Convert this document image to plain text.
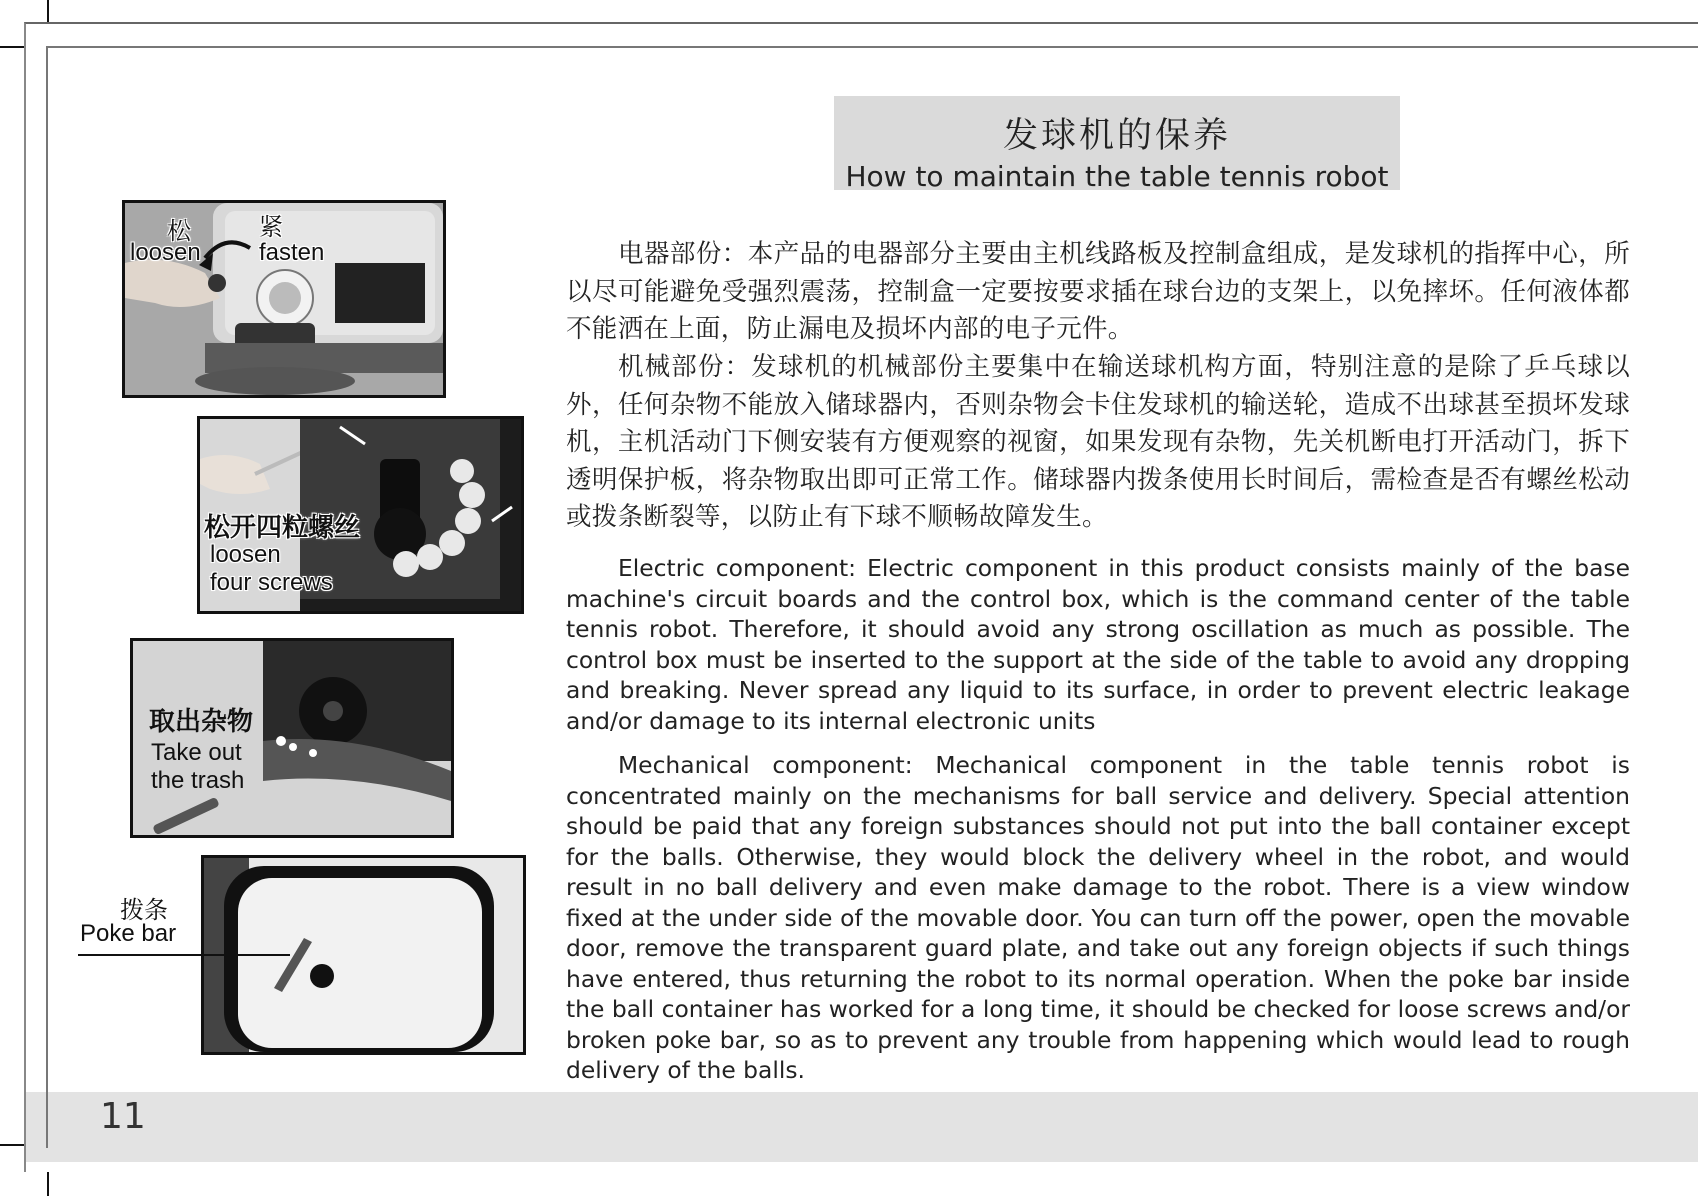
发球机的保养
How to maintain the table tennis robot
电器部份：本产品的电器部分主要由主机线路板及控制盒组成，是发球机的指挥中心，所以尽可能避免受强烈震荡，控制盒一定要按要求插在球台边的支架上，以免摔坏。任何液体都不能洒在上面，防止漏电及损坏内部的电子元件。
机械部份：发球机的机械部份主要集中在输送球机构方面，特别注意的是除了乒乓球以外，任何杂物不能放入储球器内，否则杂物会卡住发球机的输送轮，造成不出球甚至损坏发球机，主机活动门下侧安装有方便观察的视窗，如果发现有杂物，先关机断电打开活动门，拆下透明保护板，将杂物取出即可正常工作。储球器内拨条使用长时间后，需检查是否有螺丝松动或拨条断裂等，以防止有下球不顺畅故障发生。
Electric component: Electric component in this product consists mainly of the base machine's circuit boards and the control box, which is the command center of the table tennis robot. Therefore, it should avoid any strong oscillation as much as possible. The control box must be inserted to the support at the side of the table to avoid any dropping and breaking. Never spread any liquid to its surface, in order to prevent electric leakage and/or damage to its internal electronic units
Mechanical component: Mechanical component in the table tennis robot is concentrated mainly on the mechanisms for ball service and delivery. Special attention should be paid that any foreign substances should not put into the ball container except for the balls. Otherwise, they would block the delivery wheel in the robot, and would result in no ball delivery and even make damage to the robot. There is a view window fixed at the under side of the movable door. You can turn off the power, open the movable door, remove the transparent guard plate, and take out any foreign objects if such things have entered, thus returning the robot to its normal operation. When the poke bar inside the ball container has worked for a long time, it should be checked for loose screws and/or broken poke bar, so as to prevent any trouble from happening which would lead to rough delivery of the balls.
松
loosen
紧
fasten
松开四粒螺丝
loosen
four screws
取出杂物
Take out
the trash
拨条
Poke bar
11
